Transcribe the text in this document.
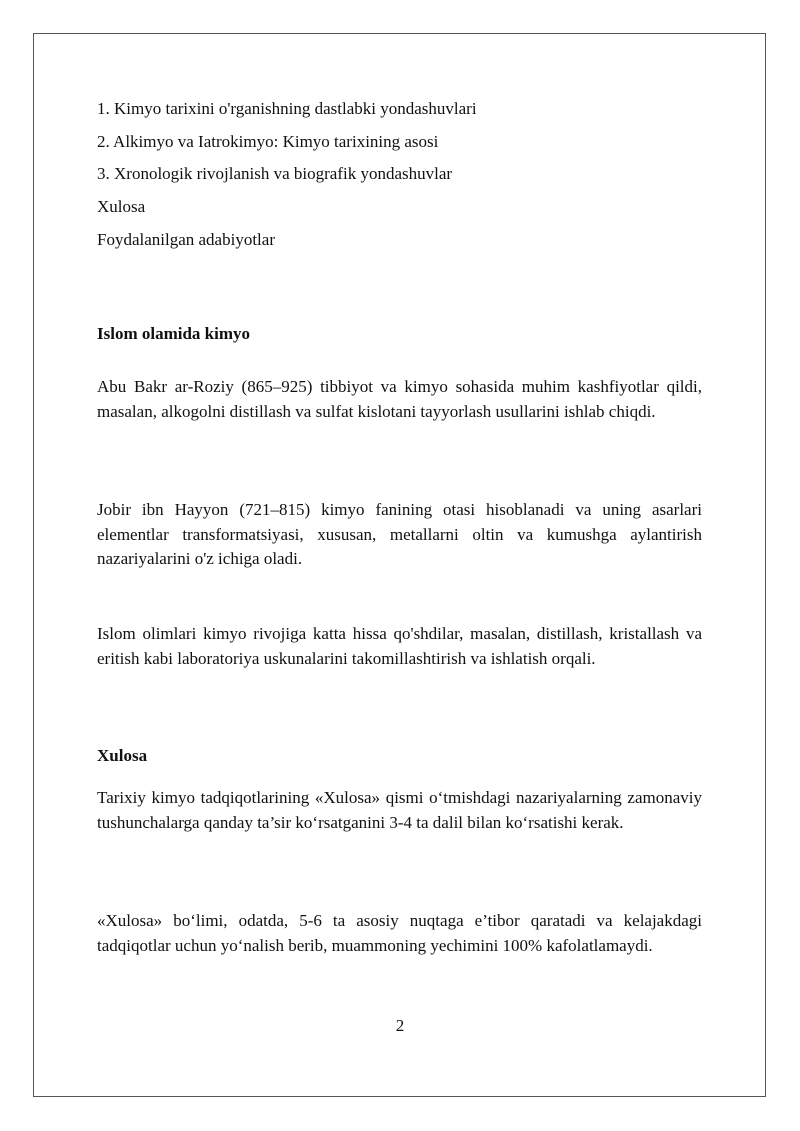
1. Kimyo tarixini o'rganishning dastlabki yondashuvlari
2. Alkimyo va Iatrokimyo: Kimyo tarixining asosi
3. Xronologik rivojlanish va biografik yondashuvlar
Xulosa
Foydalanilgan adabiyotlar
Islom olamida kimyo
Abu Bakr ar-Roziy (865–925) tibbiyot va kimyo sohasida muhim kashfiyotlar qildi, masalan, alkogolni distillash va sulfat kislotani tayyorlash usullarini ishlab chiqdi.
Jobir ibn Hayyon (721–815) kimyo fanining otasi hisoblanadi va uning asarlari elementlar transformatsiyasi, xususan, metallarni oltin va kumushga aylantirish nazariyalarini o'z ichiga oladi.
Islom olimlari kimyo rivojiga katta hissa qo'shdilar, masalan, distillash, kristallash va eritish kabi laboratoriya uskunalarini takomillashtirish va ishlatish orqali.
Xulosa
Tarixiy kimyo tadqiqotlarining «Xulosa» qismi o‘tmishdagi nazariyalarning zamonaviy tushunchalarga qanday ta’sir ko‘rsatganini 3-4 ta dalil bilan ko‘rsatishi kerak.
«Xulosa» bo‘limi, odatda, 5-6 ta asosiy nuqtaga e’tibor qaratadi va kelajakdagi tadqiqotlar uchun yo‘nalish berib, muammoning yechimini 100% kafolatlamaydi.
2
